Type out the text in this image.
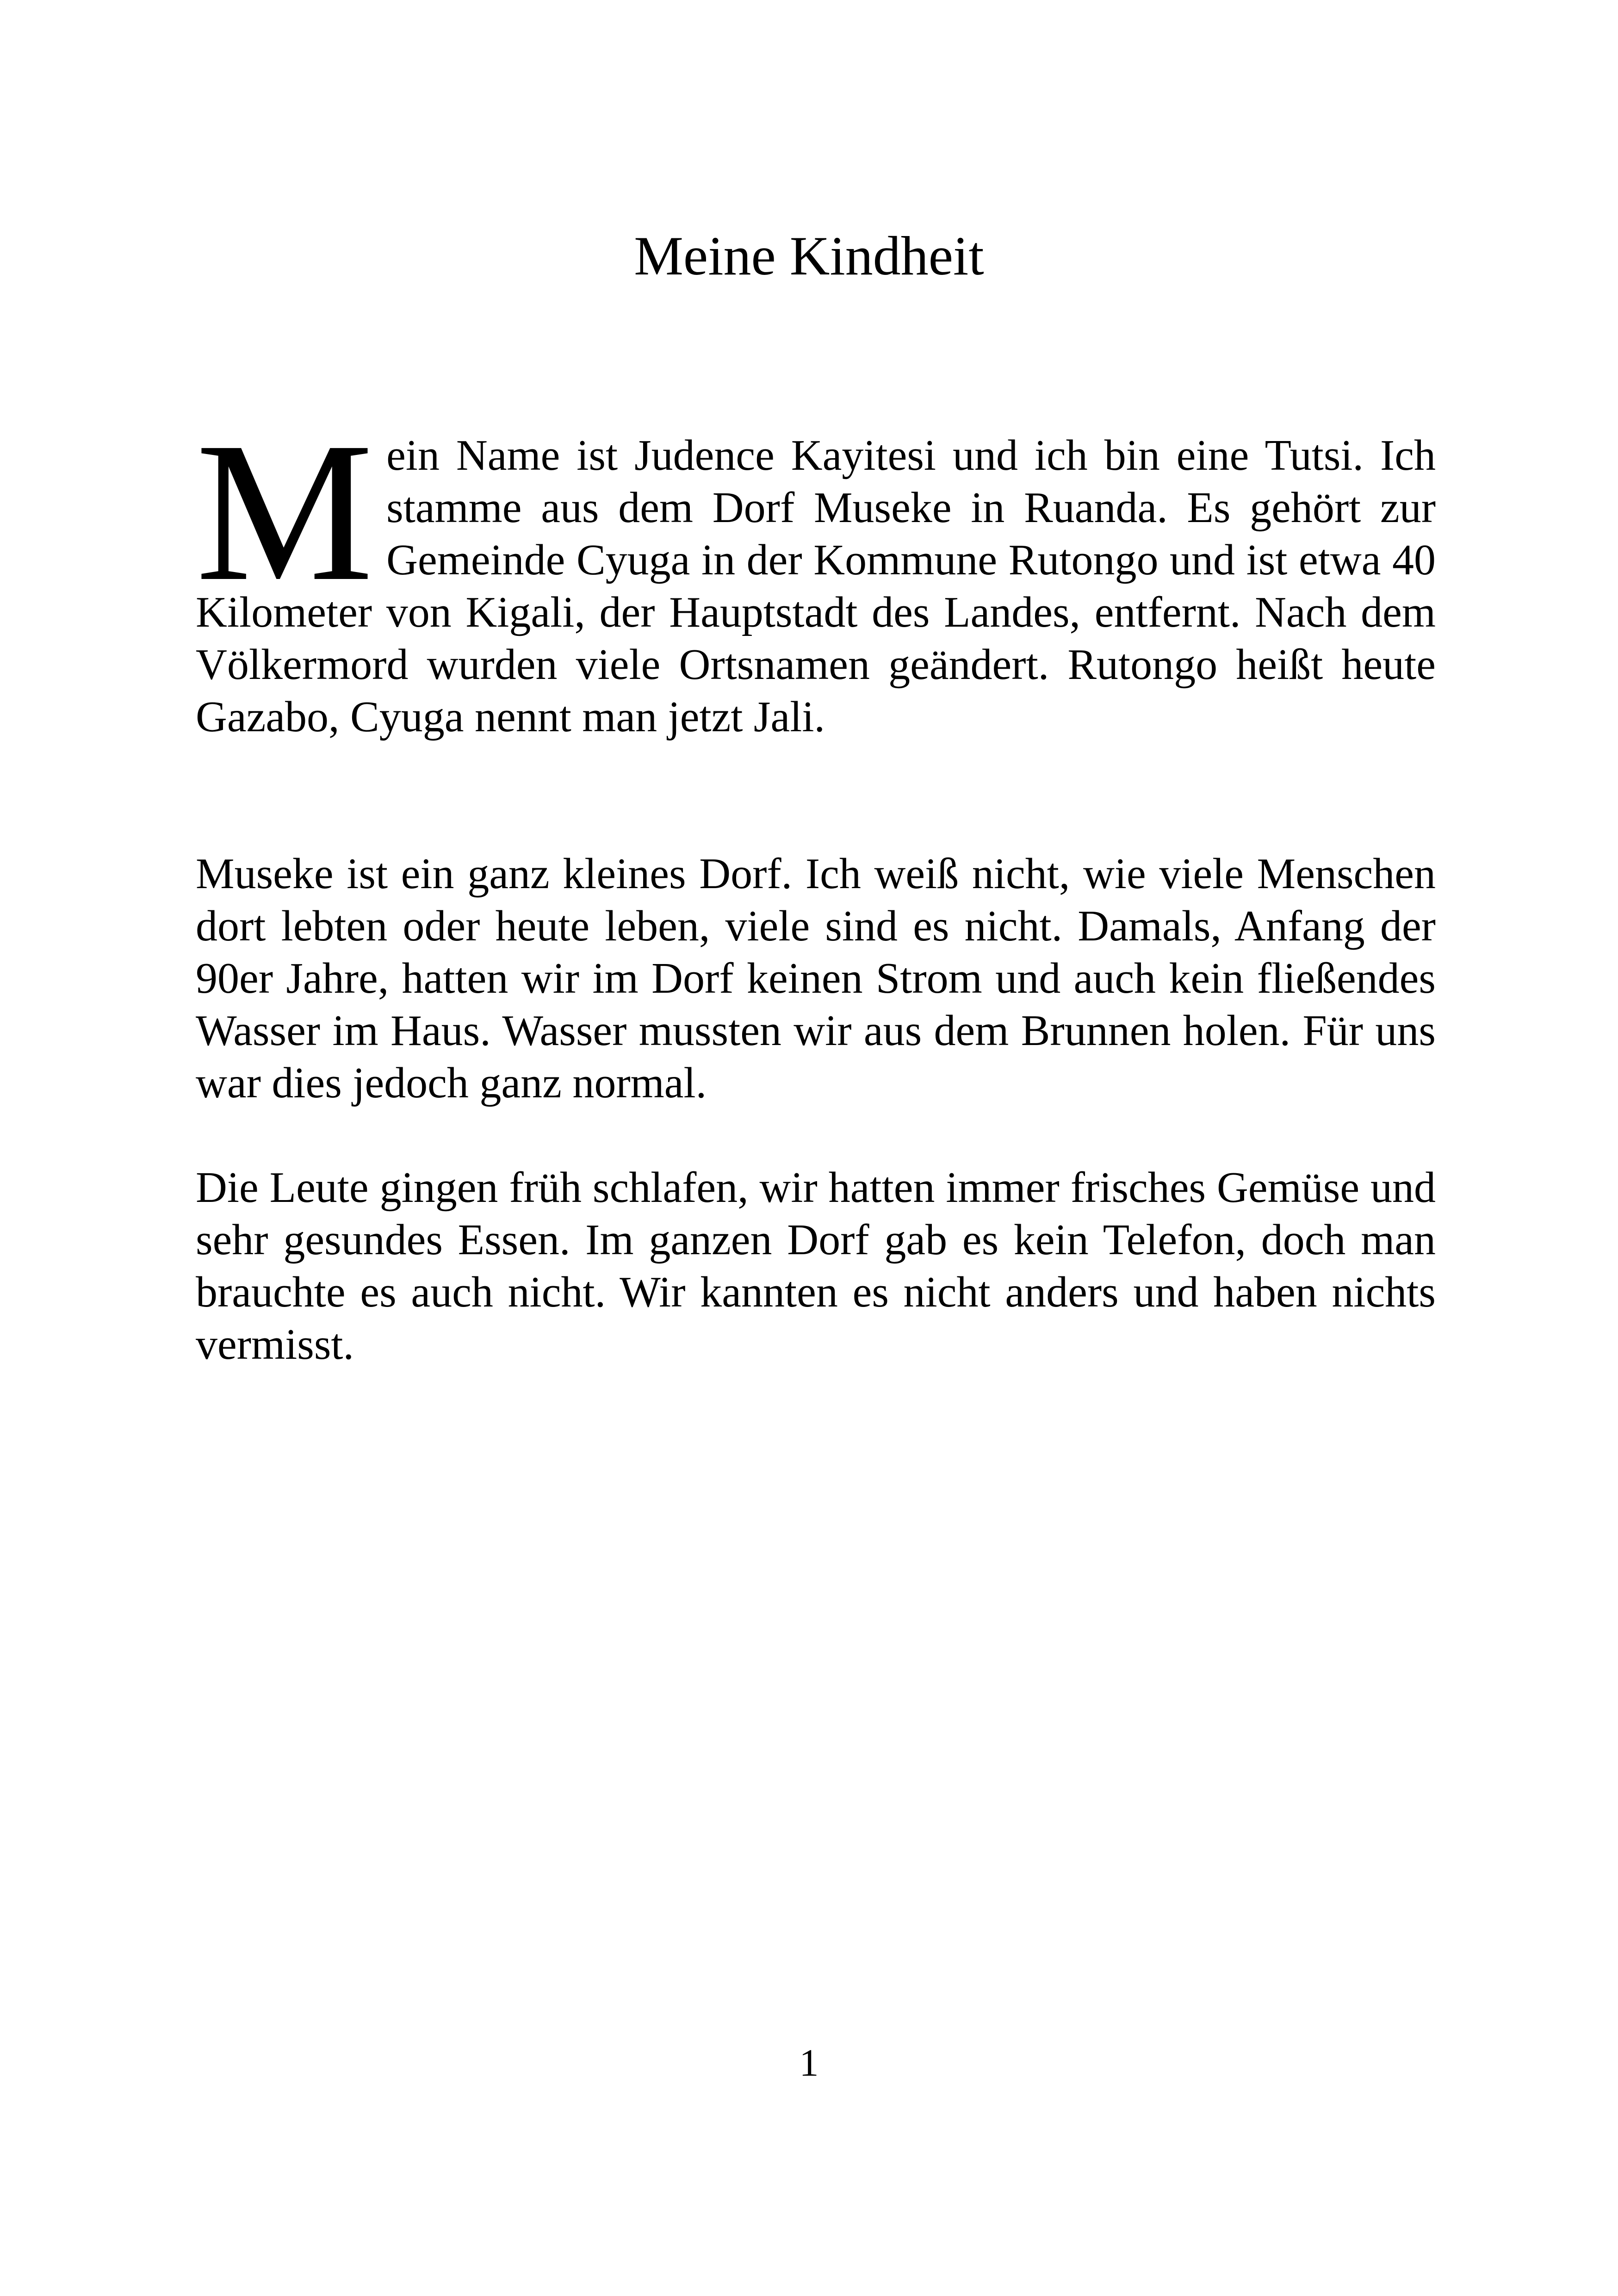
Meine Kindheit

M ein Name ist Judence Kayitesi und ich bin eine Tutsi. Ich stamme aus dem Dorf Museke in Ruanda. Es gehört zur Gemeinde Cyuga in der Kommune Rutongo und ist etwa 40 Kilometer von Kigali, der Hauptstadt des Landes, entfernt. Nach dem Völkermord wurden viele Ortsnamen geändert. Rutongo heißt heute Gazabo, Cyuga nennt man jetzt Jali.

Museke ist ein ganz kleines Dorf. Ich weiß nicht, wie viele Menschen dort lebten oder heute leben, viele sind es nicht. Damals, Anfang der 90er Jahre, hatten wir im Dorf keinen Strom und auch kein fließendes Wasser im Haus. Wasser mussten wir aus dem Brunnen holen. Für uns war dies jedoch ganz normal.

Die Leute gingen früh schlafen, wir hatten immer frisches Gemüse und sehr gesundes Essen. Im ganzen Dorf gab es kein Telefon, doch man brauchte es auch nicht. Wir kannten es nicht anders und haben nichts vermisst.

1
